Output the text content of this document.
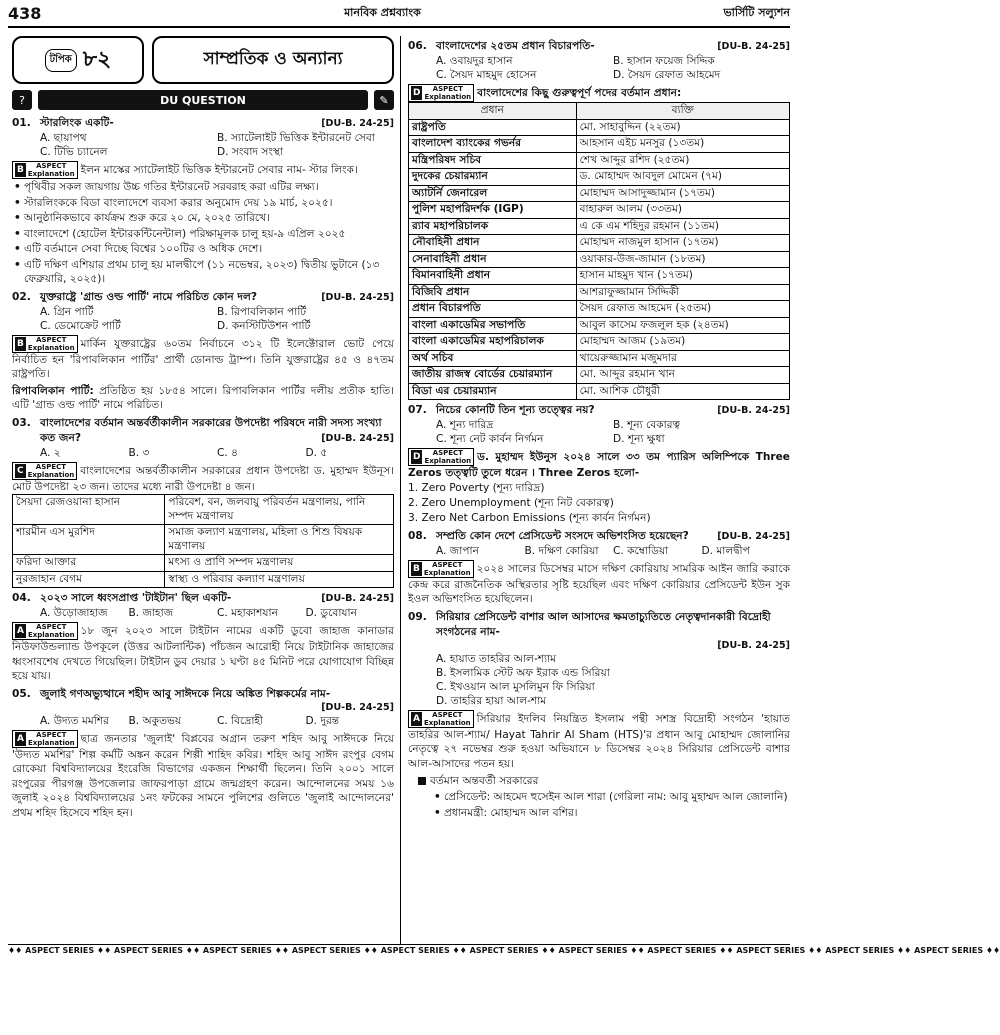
438	মানবিক প্রশ্নব্যাংক	ভার্সিটি সল্যুশন
টপিক ৮২	সাম্প্রতিক ও অন্যান্য
?	DU QUESTION	✎
01. স্টারলিংক একটি-	[DU-B. 24-25]
A. ছায়াপথ	B. স্যাটেলাইট ভিত্তিক ইন্টারনেট সেবা
C. টিভি চ্যানেল	D. সংবাদ সংস্থা
B ASPECT
Explanation ইলন মাস্কের স্যাটেলাইট ভিত্তিক ইন্টারনেট সেবার নাম- স্টার লিংক।
• পৃথিবীর সকল জায়গায় উচ্চ গতির ইন্টারনেট সরবরাহ করা এটির লক্ষ্য।
• স্টারলিংককে বিডা বাংলাদেশে ব্যবসা করার অনুমোদ দেয় ১৯ মার্চ, ২০২৫।
• আনুষ্ঠানিকভাবে কার্যক্রম শুরু করে ২০ মে, ২০২৫ তারিখে।
• বাংলাদেশে (হোটেল ইন্টারকন্টিনেন্টাল) পরিক্ষামূলক চালু হয়-৯ এপ্রিল ২০২৫
• এটি বর্তমানে সেবা দিচ্ছে বিশ্বের ১০০টির ও অধিক দেশে।
• এটি দক্ষিণ এশিয়ার প্রথম চালু হয় মালদ্বীপে (১১ নভেম্বর, ২০২৩) দ্বিতীয় ভুটানে (১৩ ফেব্রুয়ারি, ২০২৫)।
02. যুক্তরাষ্ট্রে 'গ্রান্ড ওল্ড পার্টি' নামে পরিচিত কোন দল?	[DU-B. 24-25]
A. গ্রিন পার্টি	B. রিপাবলিকান পার্টি
C. ডেমোক্রেট পার্টি	D. কনস্টিটিউশন পার্টি
B ASPECT
Explanation মার্কিন যুক্তরাষ্ট্রের ৬০তম নির্বাচনে ৩১২ টি ইলেক্টোরাল ভোট পেয়ে নির্বাচিত হন 'রিপাবলিকান পার্টির' প্রার্থী ডোনাল্ড ট্রাম্প। তিনি যুক্তরাষ্ট্রের ৪৫ ও ৪৭তম রাষ্ট্রপতি।
রিপাবলিকান পার্টি: প্রতিষ্ঠিত হয় ১৮৫৪ সালে। রিপাবলিকান পার্টির দলীয় প্রতীক হাতি। এটি 'গ্রান্ড ওল্ড পার্টি' নামে পরিচিত।
03. বাংলাদেশের বর্তমান অন্তর্বর্তীকালীন সরকারের উপদেষ্টা পরিষদে নারী সদস্য সংখ্যা কত জন?	[DU-B. 24-25]
A. ২	B. ৩	C. ৪	D. ৫
C ASPECT
Explanation বাংলাদেশের অন্তর্বর্তীকালীন সরকারের প্রধান উপদেষ্টা ড. মুহাম্মদ ইউনূস। মোট উপদেষ্টা ২৩ জন। তাদের মধ্যে নারী উপদেষ্টা ৪ জন।
সৈয়দা রেজওয়ানা হাসান	পরিবেশ, বন, জলবায়ু পরিবর্তন মন্ত্রণালয়, পানি সম্পদ মন্ত্রণালয়
শারমীন এস মুরশিদ	সমাজ কল্যাণ মন্ত্রণালয়, মহিলা ও শিশু বিষয়ক মন্ত্রণালয়
ফরিদা আক্তার	মৎস্য ও প্রাণি সম্পদ মন্ত্রণালয়
নুরজাহান বেগম	স্বাস্থ্য ও পরিবার কল্যাণ মন্ত্রণালয়
04. ২০২৩ সালে ধ্বংসপ্রাপ্ত 'টাইটান' ছিল একটি-	[DU-B. 24-25]
A. উড়োজাহাজ	B. জাহাজ	C. মহাকাশযান	D. ডুবোযান
A ASPECT
Explanation ১৮ জুন ২০২৩ সালে টাইটান নামের একটি ডুবো জাহাজ কানাডার নিউফাউন্ডল্যান্ড উপকূলে (উত্তর আটলান্টিক) পাঁচজন আরোহী নিয়ে টাইটানিক জাহাজের ধ্বংসাবশেষ দেখতে গিয়েছিল। টাইটান ডুব দেয়ার ১ ঘণ্টা ৪৫ মিনিট পরে যোগাযোগ বিচ্ছিন্ন হয়ে যায়।
05. জুলাই গণঅভ্যুত্থানে শহীদ আবু সাঈদকে নিয়ে অঙ্কিত শিল্পকর্মের নাম-
[DU-B. 24-25]
A. উদ্যত মমশির	B. অকুতভয়	C. বিদ্রোহী	D. দুরন্ত
A ASPECT
Explanation ছাত্র জনতার 'জুলাই' বিপ্লবের অগ্রান তরুণ শহিদ আবু সাঈদকে নিয়ে 'উদ্যত মমশির' শিল্প কর্মটি অঙ্কন করেন শিল্পী শাহিদ কবির। শহিদ আবু সাঈদ রংপুর বেগম রোকেয়া বিশ্ববিদ্যালয়ের ইংরেজি বিভাগের একজন শিক্ষার্থী ছিলেন। তিনি ২০০১ সালে রংপুরের পীরগঞ্জ উপজেলার জাফরপাড়া গ্রামে জন্মগ্রহণ করেন। আন্দোলনের সময় ১৬ জুলাই ২০২৪ বিশ্ববিদ্যালয়ের ১নং ফটকের সামনে পুলিশের গুলিতে 'জুলাই আন্দোলনের' প্রথম শহিদ হিসেবে শহিদ হন।
06. বাংলাদেশের ২৫তম প্রধান বিচারপতি-	[DU-B. 24-25]
A. ওবায়দুর হাসান	B. হাসান ফয়েজ সিদ্দিক
C. সৈয়দ মাহমুদ হোসেন	D. সৈয়দ রেফাত আহমেদ
D ASPECT
Explanation বাংলাদেশের কিছু গুরুত্বপূর্ণ পদের বর্তমান প্রধান:
প্রধান	ব্যক্তি
রাষ্ট্রপতি	মো. সাহাবুদ্দিন (২২তম)
বাংলাদেশ ব্যাংকের গভর্নর	আহসান এইচ মনসুর (১৩তম)
মন্ত্রিপরিষদ সচিব	শেখ আব্দুর রশিদ (২৫তম)
দুদকের চেয়ারম্যান	ড. মোহাম্মদ আবদুল মোমেন (৭ম)
অ্যাটর্নি জেনারেল	মোহাম্মদ আসাদুজ্জামান (১৭তম)
পুলিশ মহাপরিদর্শক (IGP)	বাহারুল আলম (৩৩তম)
র‍্যাব মহাপরিচালক	এ কে এম শহিদুর রহমান (১১তম)
নৌবাহিনী প্রধান	মোহাম্মদ নাজমুল হাসান (১৭তম)
সেনাবাহিনী প্রধান	ওয়াকার-উজ-জামান (১৮তম)
বিমানবাহিনী প্রধান	হাসান মাহমুদ খান (১৭তম)
বিজিবি প্রধান	আশরাফুজ্জামান সিদ্দিকী
প্রধান বিচারপতি	সৈয়দ রেফাত আহমেদ (২৫তম)
বাংলা একাডেমির সভাপতি	আবুল কাসেম ফজলুল হক (২৪তম)
বাংলা একাডেমির মহাপরিচালক	মোহাম্মদ আজম (১৯তম)
অর্থ সচিব	খায়েরুজ্জামান মজুমদার
জাতীয় রাজস্ব বোর্ডের চেয়ারম্যান	মো. আব্দুর রহমান খান
বিডা এর চেয়ারম্যান	মো. আশিক চৌধুরী
07. নিচের কোনটি তিন শূন্য তত্ত্বের নয়?	[DU-B. 24-25]
A. শূন্য দারিদ্র	B. শূন্য বেকারত্ব
C. শূন্য নেট কার্বন নির্গমন	D. শূন্য ক্ষুধা
D ASPECT
Explanation ড. মুহাম্মদ ইউনুস ২০২৪ সালে ৩৩ তম প্যারিস অলিম্পিকে Three Zeros তত্ত্বটি তুলে ধরেন । Three Zeros হলো-
1. Zero Poverty (শূন্য দারিদ্র)
2. Zero Unemployment (শূন্য নিট বেকারত্ব)
3. Zero Net Carbon Emissions (শূন্য কার্বন নির্গমন)
08. সম্প্রতি কোন দেশে প্রেসিডেন্ট সংসদে অভিশংসিত হয়েছেন?	[DU-B. 24-25]
A. জাপান	B. দক্ষিণ কোরিয়া	C. কম্বোডিয়া	D. মালদ্বীপ
B ASPECT
Explanation ২০২৪ সালের ডিসেম্বর মাসে দক্ষিণ কোরিয়ায় সামরিক আইন জারি করাকে কেন্দ্র করে রাজনৈতিক অস্থিরতার সৃষ্টি হয়েছিল এবং দক্ষিণ কোরিয়ার প্রেসিডেন্ট ইউন সুক ইওল অভিশংসিত হয়েছিলেন।
09. সিরিয়ার প্রেসিডেন্ট বাশার আল আসাদের ক্ষমতাচ্যুতিতে নেতৃত্বদানকারী বিদ্রোহী সংগঠনের নাম-
[DU-B. 24-25]
A. হায়াত তাহরির আল-শ্যাম
B. ইসলামিক স্টেট অফ ইরাক এন্ড সিরিয়া
C. ইখওয়ান আল মুসলিমুন ফি সিরিয়া
D. তাহরির হায়া আল-শাম
A ASPECT
Explanation সিরিয়ার ইদলিব নিয়ন্ত্রিত ইসলাম পন্থী সশস্ত্র বিদ্রোহী সংগঠন 'হায়াত তাহরির আল-শ্যাম/ Hayat Tahrir Al Sham (HTS)'র প্রধান আবু মোহাম্মদ জোলানির নেতৃত্বে ২৭ নভেম্বর শুরু হওয়া অভিযানে ৮ ডিসেম্বর ২০২৪ সিরিয়ার প্রেসিডেন্ট বাশার আল-আসাদের পতন হয়।
বর্তমান অন্তবর্তী সরকারের
• প্রেসিডেন্ট: আহমেদ হুসেইন আল শারা (গেরিলা নাম: আবু মুহাম্মদ আল জোলানি)
• প্রধানমন্ত্রী: মোহাম্মদ আল বশির।
♦♦ ASPECT SERIES ♦♦ ASPECT SERIES ♦♦ ASPECT SERIES ♦♦ ASPECT SERIES ♦♦ ASPECT SERIES ♦♦ ASPECT SERIES ♦♦ ASPECT SERIES ♦♦ ASPECT SERIES ♦♦ ASPECT SERIES ♦♦ ASPECT SERIES ♦♦ ASPECT SERIES ♦♦
